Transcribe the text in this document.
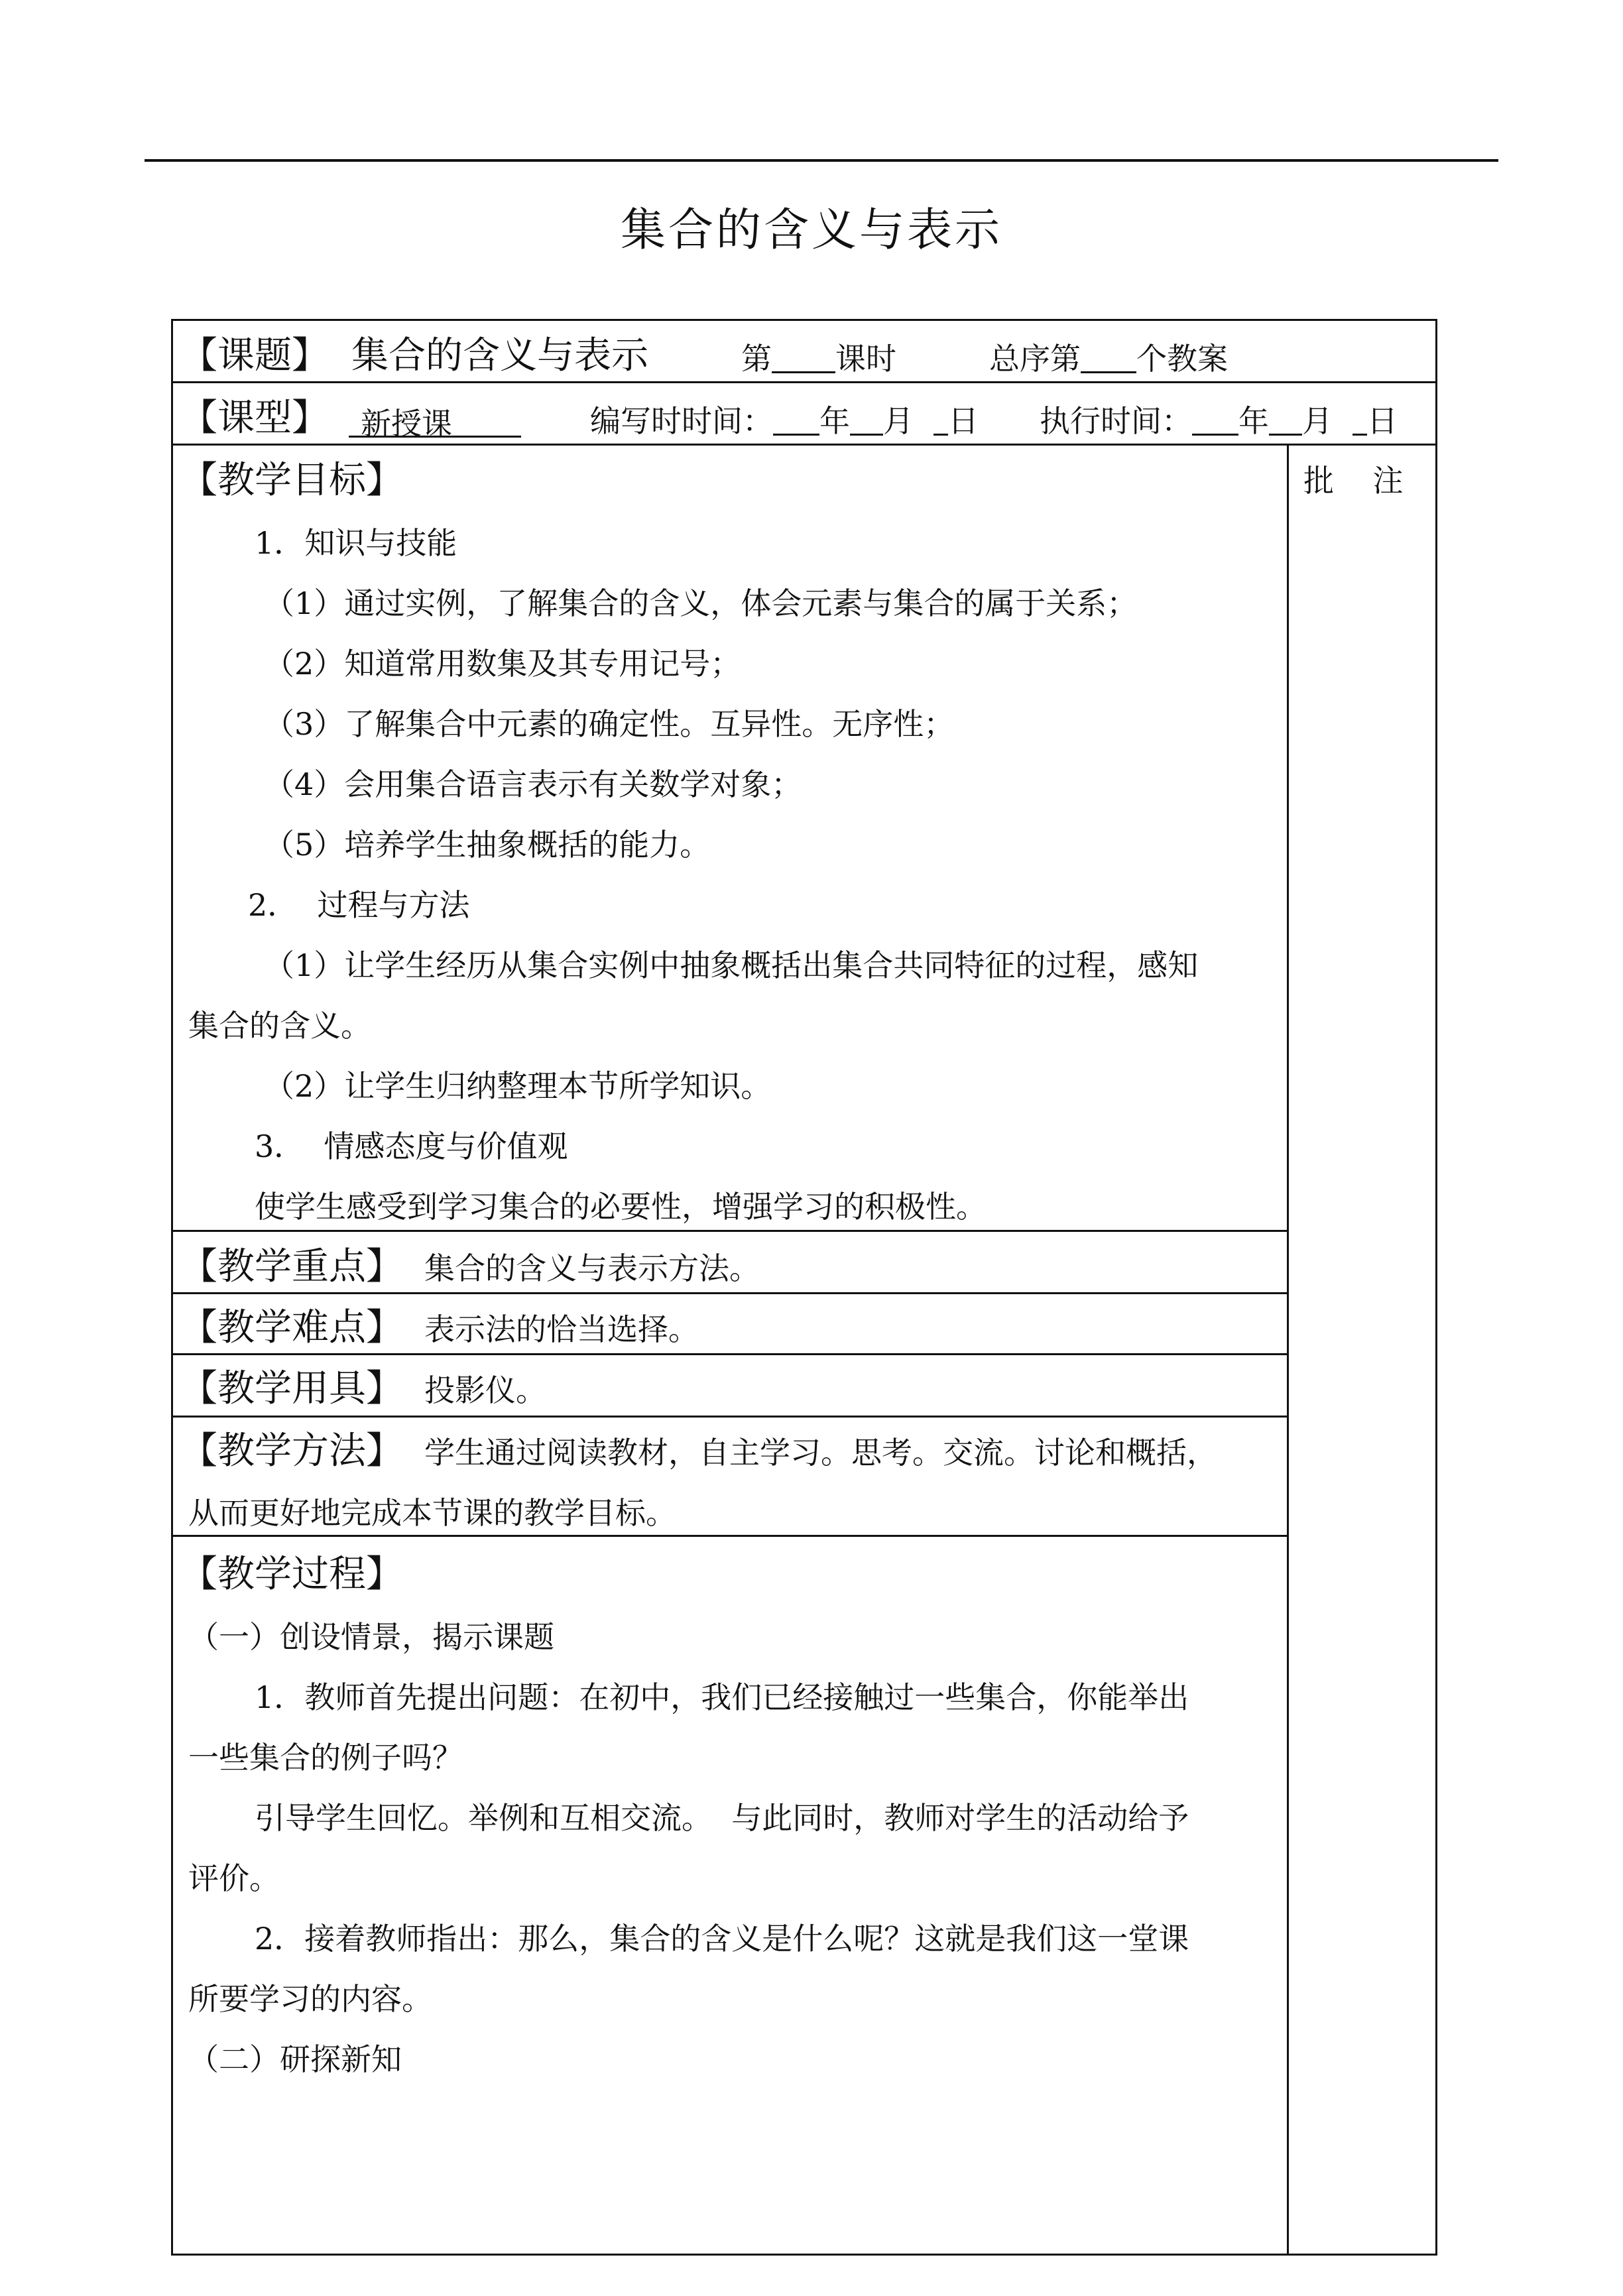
集合的含义与表示
【课题】 集合的含义与表示	第 课时	总序第 个教案
【课型】	新授课	编写时时间： 年 月 日 执行时间： 年 月 日
批    注
【教学目标】
1．知识与技能
（1）通过实例，了解集合的含义，体会元素与集合的属于关系；
（2）知道常用数集及其专用记号；
（3）了解集合中元素的确定性。互异性。无序性；
（4）会用集合语言表示有关数学对象；
（5）培养学生抽象概括的能力。
2．  过程与方法
（1）让学生经历从集合实例中抽象概括出集合共同特征的过程，感知
集合的含义。
（2）让学生归纳整理本节所学知识。
3．  情感态度与价值观
使学生感受到学习集合的必要性，增强学习的积极性。
【教学重点】 集合的含义与表示方法。
【教学难点】 表示法的恰当选择。
【教学用具】 投影仪。
【教学方法】 学生通过阅读教材，自主学习。思考。交流。讨论和概括，
从而更好地完成本节课的教学目标。
【教学过程】
（一）创设情景，揭示课题
1．教师首先提出问题：在初中，我们已经接触过一些集合，你能举出
一些集合的例子吗？
引导学生回忆。举例和互相交流。  与此同时，教师对学生的活动给予
评价。
2．接着教师指出：那么，集合的含义是什么呢？这就是我们这一堂课
所要学习的内容。
（二）研探新知
